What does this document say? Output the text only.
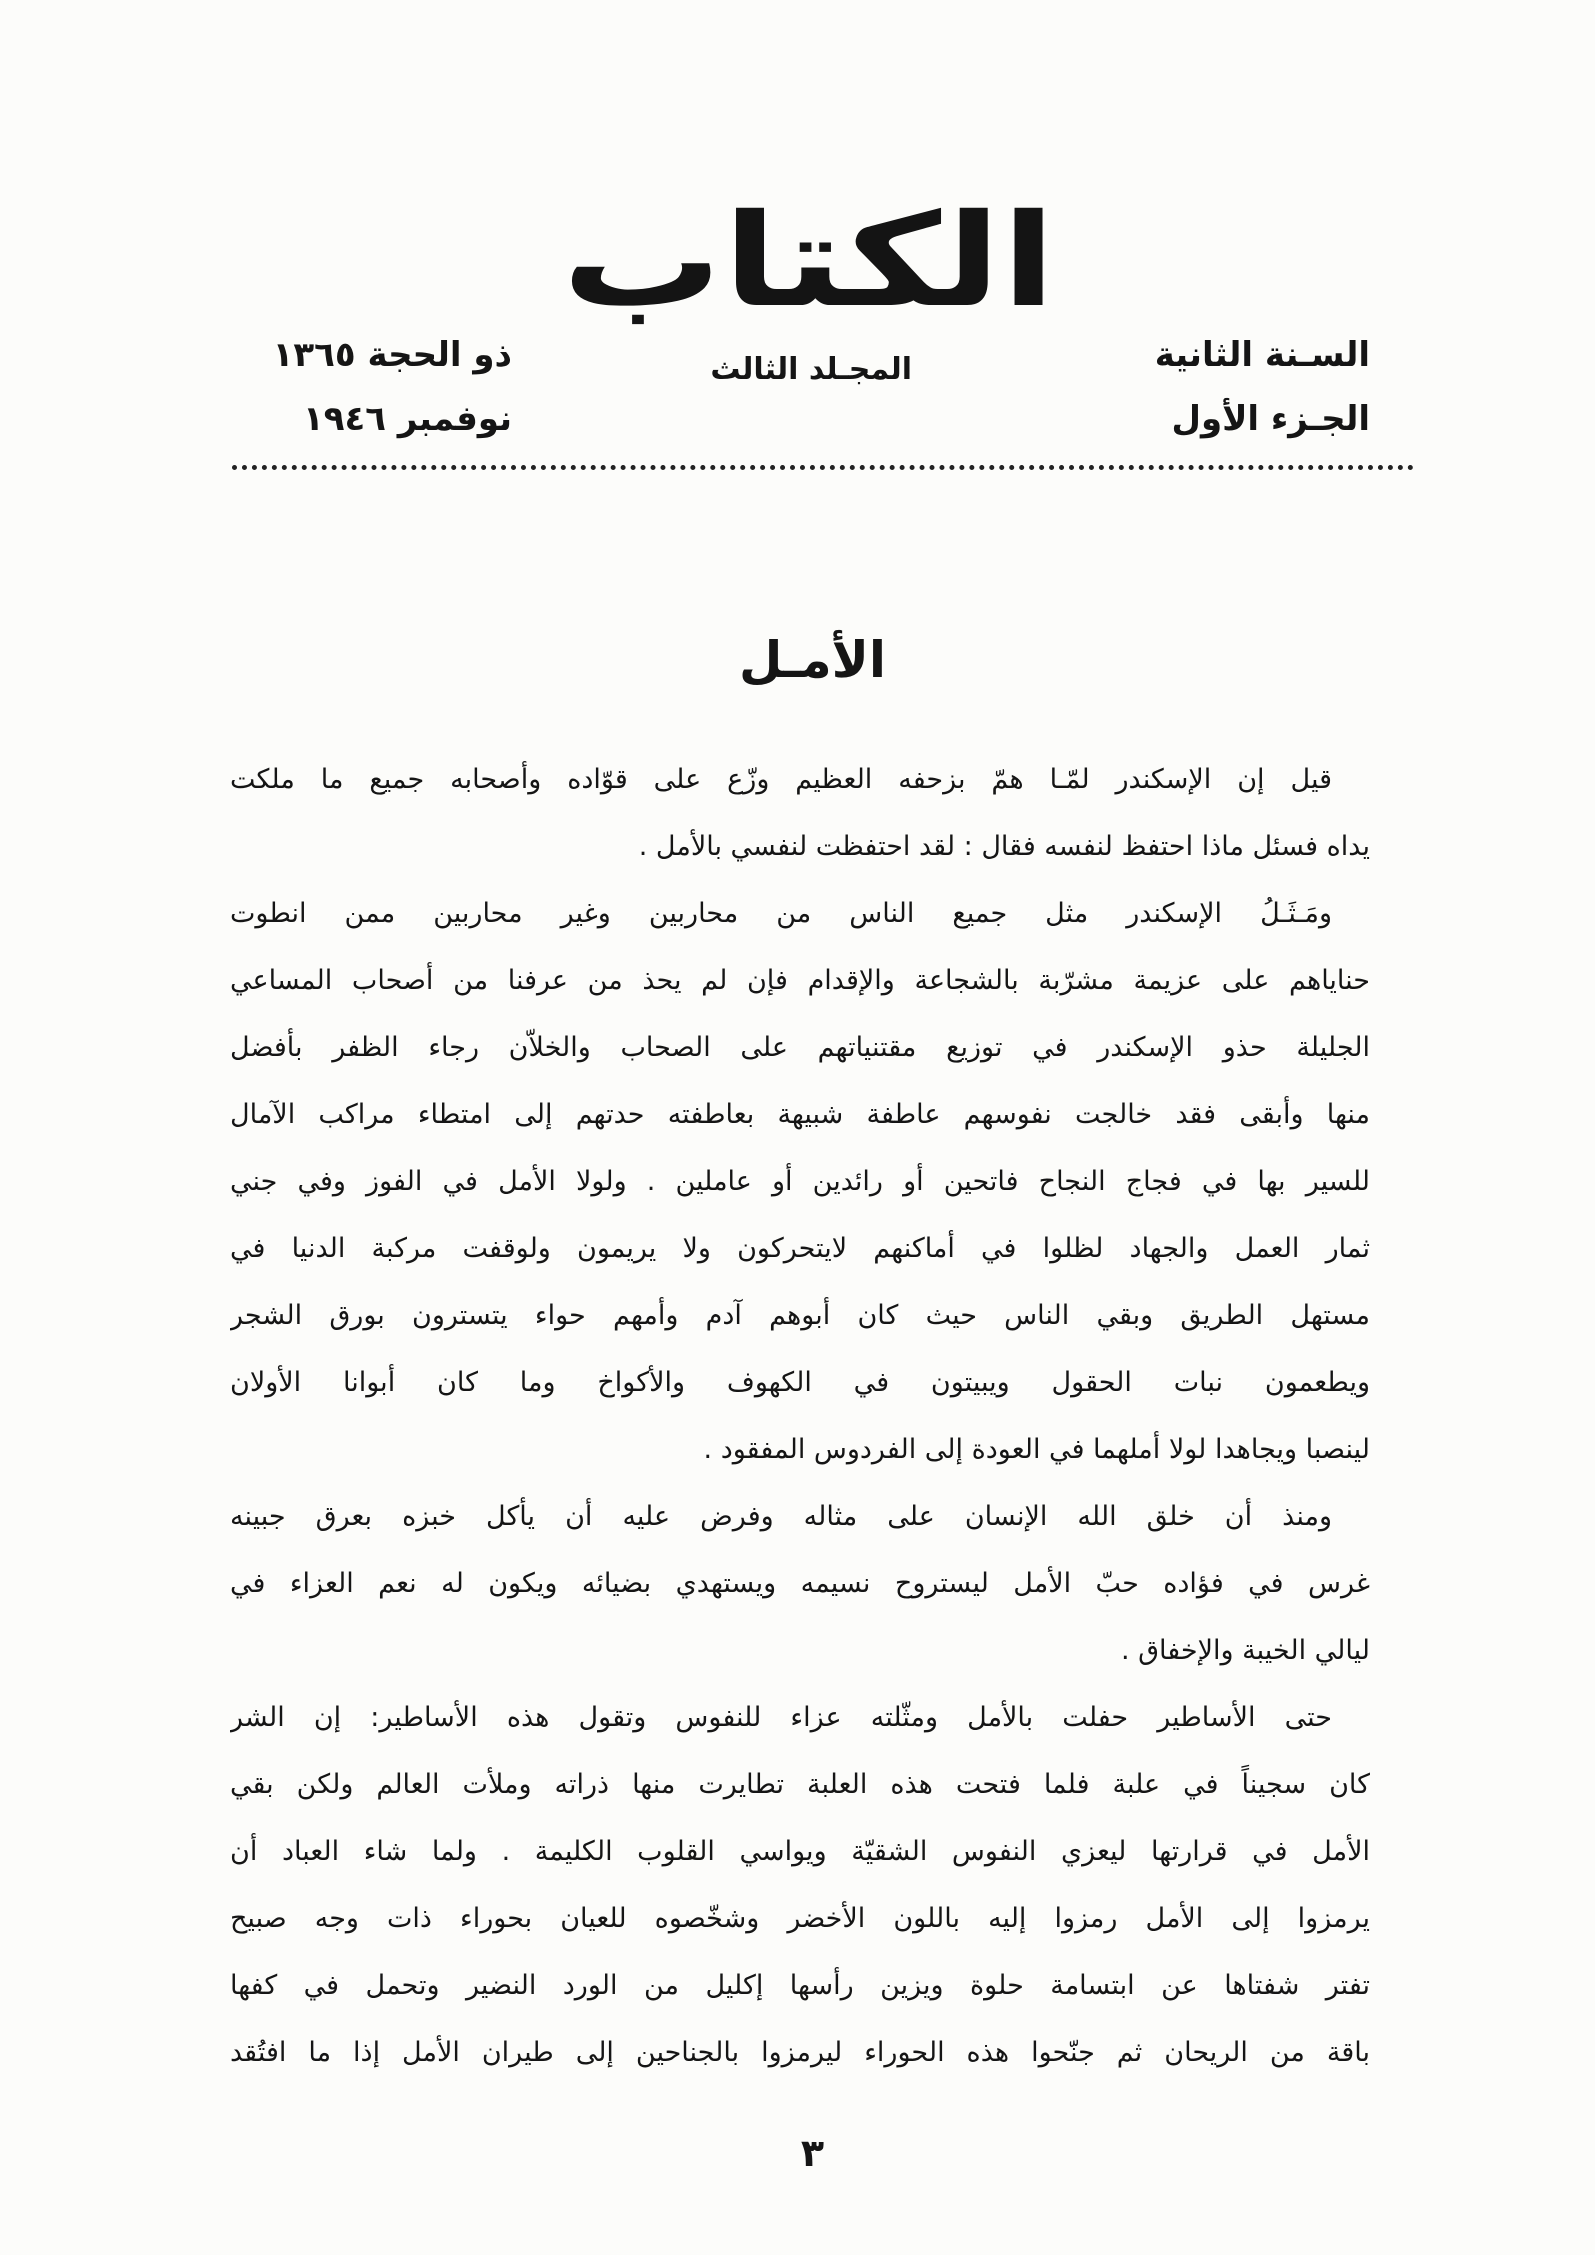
الكتاب
السـنة الثانية
الجـزء الأول
المجـلد الثالث
ذو الحجة ١٣٦٥
نوفمبر ١٩٤٦
الأمـل
قيل إن الإسكندر لمّـا همّ بزحفه العظيم وزّع على قوّاده وأصحابه جميع ما ملكت
يداه فسئل ماذا احتفظ لنفسه فقال : لقد احتفظت لنفسي بالأمل .
ومَـثَـلُ الإسكندر مثل جميع الناس من محاربين وغير محاربين ممن انطوت
حناياهم على عزيمة مشرّبة بالشجاعة والإقدام فإن لم يحذ من عرفنا من أصحاب المساعي
الجليلة حذو الإسكندر في توزيع مقتنياتهم على الصحاب والخلاّن رجاء الظفر بأفضل
منها وأبقى فقد خالجت نفوسهم عاطفة شبيهة بعاطفته حدتهم إلى امتطاء مراكب الآمال
للسير بها في فجاج النجاح فاتحين أو رائدين أو عاملين . ولولا الأمل في الفوز وفي جني
ثمار العمل والجهاد لظلوا في أماكنهم لايتحركون ولا يريمون ولوقفت مركبة الدنيا في
مستهل الطريق وبقي الناس حيث كان أبوهم آدم وأمهم حواء يتسترون بورق الشجر
ويطعمون نبات الحقول ويبيتون في الكهوف والأكواخ وما كان أبوانا الأولان
لينصبا ويجاهدا لولا أملهما في العودة إلى الفردوس المفقود .
ومنذ أن خلق الله الإنسان على مثاله وفرض عليه أن يأكل خبزه بعرق جبينه
غرس في فؤاده حبّ الأمل ليستروح نسيمه ويستهدي بضيائه ويكون له نعم العزاء في
ليالي الخيبة والإخفاق .
حتى الأساطير حفلت بالأمل ومثّلته عزاء للنفوس وتقول هذه الأساطير: إن الشر
كان سجيناً في علبة فلما فتحت هذه العلبة تطايرت منها ذراته وملأت العالم ولكن بقي
الأمل في قرارتها ليعزي النفوس الشقيّة ويواسي القلوب الكليمة . ولما شاء العباد أن
يرمزوا إلى الأمل رمزوا إليه باللون الأخضر وشخّصوه للعيان بحوراء ذات وجه صبيح
تفتر شفتاها عن ابتسامة حلوة ويزين رأسها إكليل من الورد النضير وتحمل في كفها
باقة من الريحان ثم جنّحوا هذه الحوراء ليرمزوا بالجناحين إلى طيران الأمل إذا ما افتُقد
٣
